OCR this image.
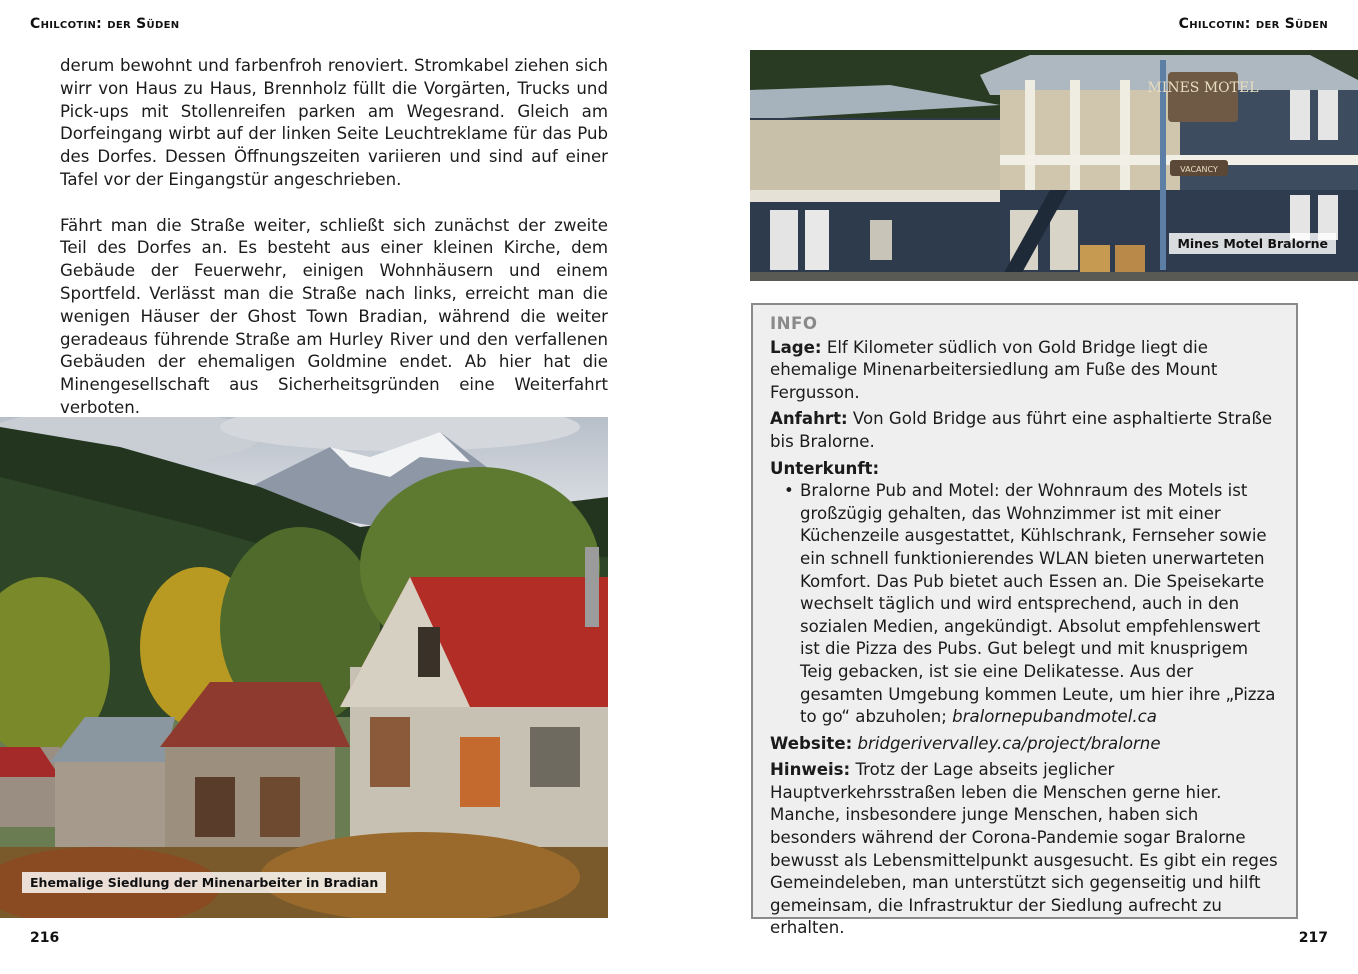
Chilcotin: der Süden

derum bewohnt und farbenfroh renoviert. Stromkabel ziehen sich wirr von Haus zu Haus, Brennholz füllt die Vorgärten, Trucks und Pick-ups mit Stollenreifen parken am Wegesrand. Gleich am Dorfeingang wirbt auf der linken Seite Leuchtreklame für das Pub des Dorfes. Dessen Öffnungszeiten variieren und sind auf einer Tafel vor der Eingangstür angeschrieben.

Fährt man die Straße weiter, schließt sich zunächst der zweite Teil des Dorfes an. Es besteht aus einer kleinen Kirche, dem Gebäude der Feuerwehr, einigen Wohnhäusern und einem Sportfeld. Verlässt man die Straße nach links, erreicht man die wenigen Häuser der Ghost Town Bradian, während die weiter geradeaus führende Straße am Hurley River und den verfallenen Gebäuden der ehemaligen Goldmine endet. Ab hier hat die Minengesellschaft aus Sicherheitsgründen eine Weiterfahrt verboten.

Ehemalige Siedlung der Minenarbeiter in Bradian
216
Chilcotin: der Süden
MINES MOTEL
VACANCY
Mines Motel Bralorne
INFO
Lage: Elf Kilometer südlich von Gold Bridge liegt die ehemalige Minenarbeitersiedlung am Fuße des Mount Fergusson.
Anfahrt: Von Gold Bridge aus führt eine asphaltierte Straße bis Bralorne.
Unterkunft:
• Bralorne Pub and Motel: der Wohnraum des Motels ist großzügig gehalten, das Wohnzimmer ist mit einer Küchenzeile ausgestattet, Kühlschrank, Fernseher sowie ein schnell funktionierendes WLAN bieten unerwarteten Komfort. Das Pub bietet auch Essen an. Die Speisekarte wechselt täglich und wird entsprechend, auch in den sozialen Medien, angekündigt. Absolut empfehlenswert ist die Pizza des Pubs. Gut belegt und mit knusprigem Teig gebacken, ist sie eine Delikatesse. Aus der gesamten Umgebung kommen Leute, um hier ihre „Pizza to go“ abzuholen; bralornepubandmotel.ca
Website: bridgerivervalley.ca/project/bralorne
Hinweis: Trotz der Lage abseits jeglicher Hauptverkehrsstraßen leben die Menschen gerne hier. Manche, insbesondere junge Menschen, haben sich besonders während der Corona-Pandemie sogar Bralorne bewusst als Lebensmittelpunkt ausgesucht. Es gibt ein reges Gemeindeleben, man unterstützt sich gegenseitig und hilft gemeinsam, die Infrastruktur der Siedlung aufrecht zu erhalten.
217
